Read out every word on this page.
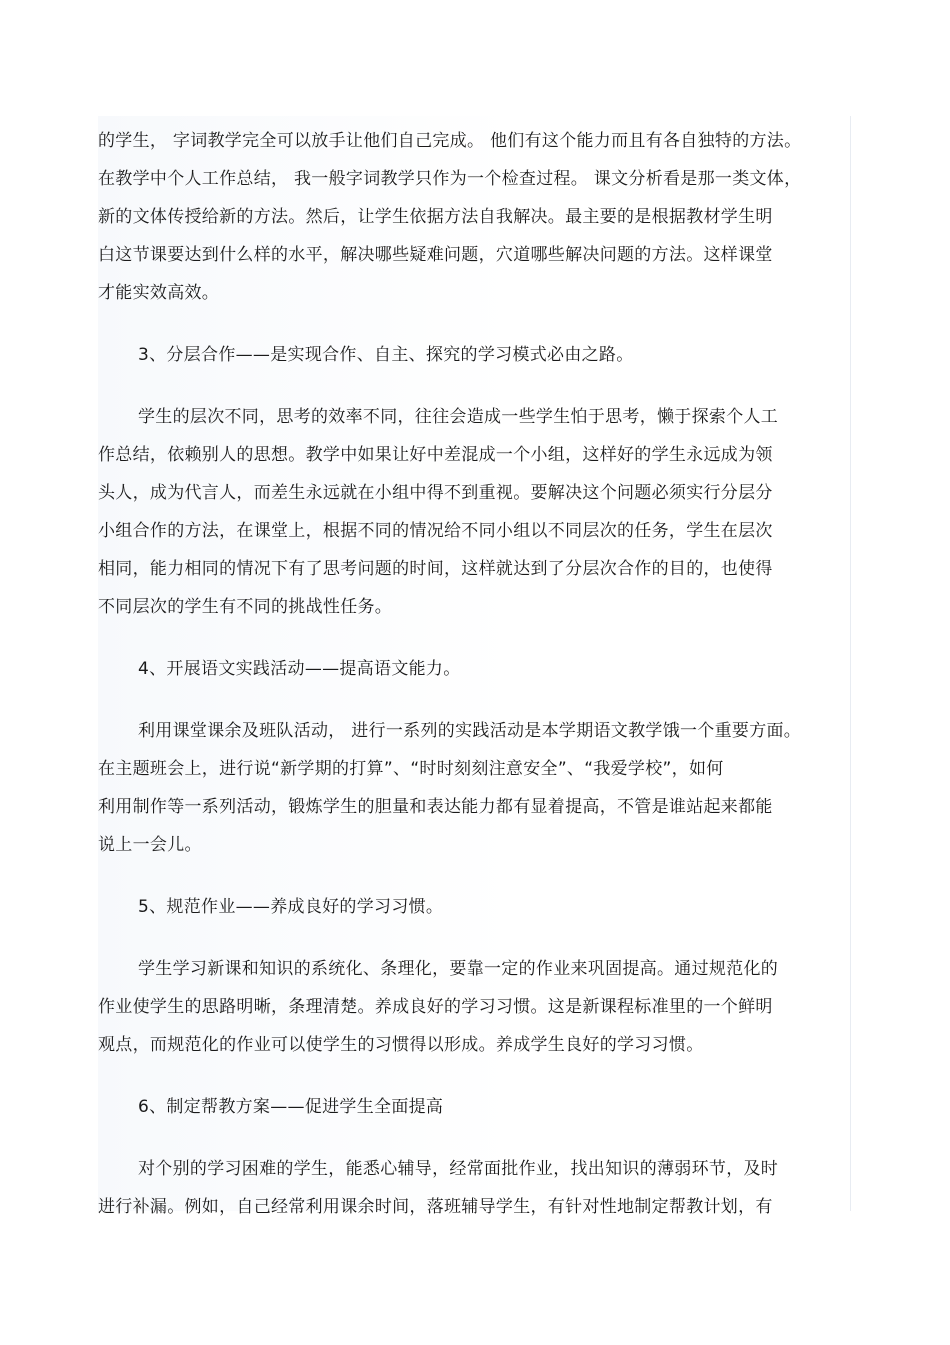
的学生， 字词教学完全可以放手让他们自己完成。 他们有这个能力而且有各自独特的方法。
在教学中个人工作总结， 我一般字词教学只作为一个检查过程。 课文分析看是那一类文体，
新的文体传授给新的方法。然后，让学生依据方法自我解决。最主要的是根据教材学生明
白这节课要达到什么样的水平，解决哪些疑难问题，穴道哪些解决问题的方法。这样课堂
才能实效高效。
3、分层合作——是实现合作、自主、探究的学习模式必由之路。
学生的层次不同，思考的效率不同，往往会造成一些学生怕于思考，懒于探索个人工
作总结，依赖别人的思想。教学中如果让好中差混成一个小组，这样好的学生永远成为领
头人，成为代言人，而差生永远就在小组中得不到重视。要解决这个问题必须实行分层分
小组合作的方法，在课堂上，根据不同的情况给不同小组以不同层次的任务，学生在层次
相同，能力相同的情况下有了思考问题的时间，这样就达到了分层次合作的目的，也使得
不同层次的学生有不同的挑战性任务。
4、开展语文实践活动——提高语文能力。
利用课堂课余及班队活动， 进行一系列的实践活动是本学期语文教学饿一个重要方面。
在主题班会上，进行说“新学期的打算”、“时时刻刻注意安全”、“我爱学校”，如何
利用制作等一系列活动，锻炼学生的胆量和表达能力都有显着提高，不管是谁站起来都能
说上一会儿。
5、规范作业——养成良好的学习习惯。
学生学习新课和知识的系统化、条理化，要靠一定的作业来巩固提高。通过规范化的
作业使学生的思路明晰，条理清楚。养成良好的学习习惯。这是新课程标准里的一个鲜明
观点，而规范化的作业可以使学生的习惯得以形成。养成学生良好的学习习惯。
6、制定帮教方案——促进学生全面提高
对个别的学习困难的学生，能悉心辅导，经常面批作业，找出知识的薄弱环节，及时
进行补漏。例如，自己经常利用课余时间，落班辅导学生，有针对性地制定帮教计划，有
